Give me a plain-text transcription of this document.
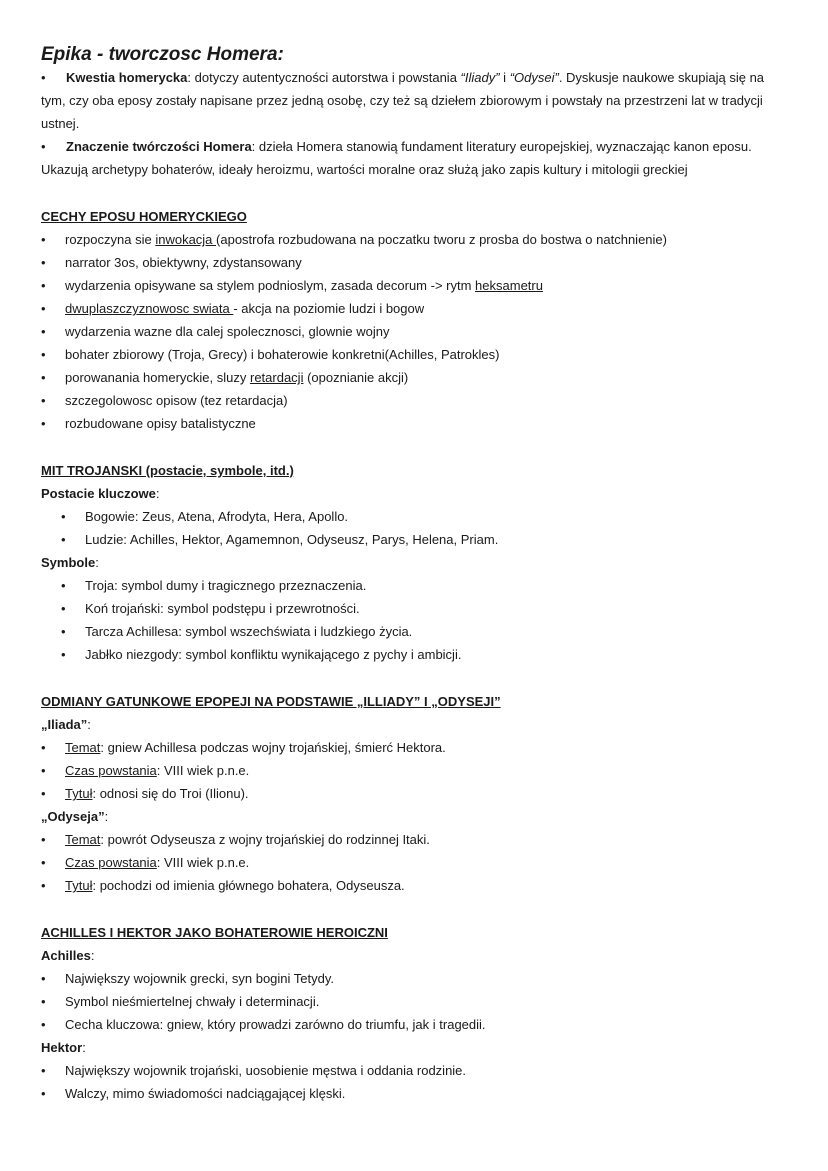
Epika - tworczosc Homera:

• Kwestia homerycka: dotyczy autentyczności autorstwa i powstania “Iliady” i “Odysei”. Dyskusje naukowe skupiają się na tym, czy oba eposy zostały napisane przez jedną osobę, czy też są dziełem zbiorowym i powstały na przestrzeni lat w tradycji ustnej.

• Znaczenie twórczości Homera: dzieła Homera stanowią fundament literatury europejskiej, wyznaczając kanon eposu. Ukazują archetypy bohaterów, ideały heroizmu, wartości moralne oraz służą jako zapis kultury i mitologii greckiej

CECHY EPOSU HOMERYCKIEGO

• rozpoczyna sie inwokacja (apostrofa rozbudowana na poczatku tworu z prosba do bostwa o natchnienie)
• narrator 3os, obiektywny, zdystansowany
• wydarzenia opisywane sa stylem podnioslym, zasada decorum -> rytm heksametru
• dwuplaszczyznowosc swiata - akcja na poziomie ludzi i bogow
• wydarzenia wazne dla calej spolecznosci, glownie wojny
• bohater zbiorowy (Troja, Grecy) i bohaterowie konkretni(Achilles, Patrokles)
• porowanania homeryckie, sluzy retardacji (opoznianie akcji)
• szczegolowosc opisow (tez retardacja)
• rozbudowane opisy batalistyczne

MIT TROJANSKI (postacie, symbole, itd.)

Postacie kluczowe:

• Bogowie: Zeus, Atena, Afrodyta, Hera, Apollo.
• Ludzie: Achilles, Hektor, Agamemnon, Odyseusz, Parys, Helena, Priam.

Symbole:

• Troja: symbol dumy i tragicznego przeznaczenia.
• Koń trojański: symbol podstępu i przewrotności.
• Tarcza Achillesa: symbol wszechświata i ludzkiego życia.
• Jabłko niezgody: symbol konfliktu wynikającego z pychy i ambicji.

ODMIANY GATUNKOWE EPOPEJI NA PODSTAWIE „ILLIADY” I „ODYSEJI”

„Iliada”:

• Temat: gniew Achillesa podczas wojny trojańskiej, śmierć Hektora.
• Czas powstania: VIII wiek p.n.e.
• Tytuł: odnosi się do Troi (Ilionu).

„Odyseja”:

• Temat: powrót Odyseusza z wojny trojańskiej do rodzinnej Itaki.
• Czas powstania: VIII wiek p.n.e.
• Tytuł: pochodzi od imienia głównego bohatera, Odyseusza.

ACHILLES I HEKTOR JAKO BOHATEROWIE HEROICZNI

Achilles:

• Największy wojownik grecki, syn bogini Tetydy.
• Symbol nieśmiertelnej chwały i determinacji.
• Cecha kluczowa: gniew, który prowadzi zarówno do triumfu, jak i tragedii.

Hektor:

• Największy wojownik trojański, uosobienie męstwa i oddania rodzinie.
• Walczy, mimo świadomości nadciągającej klęski.
